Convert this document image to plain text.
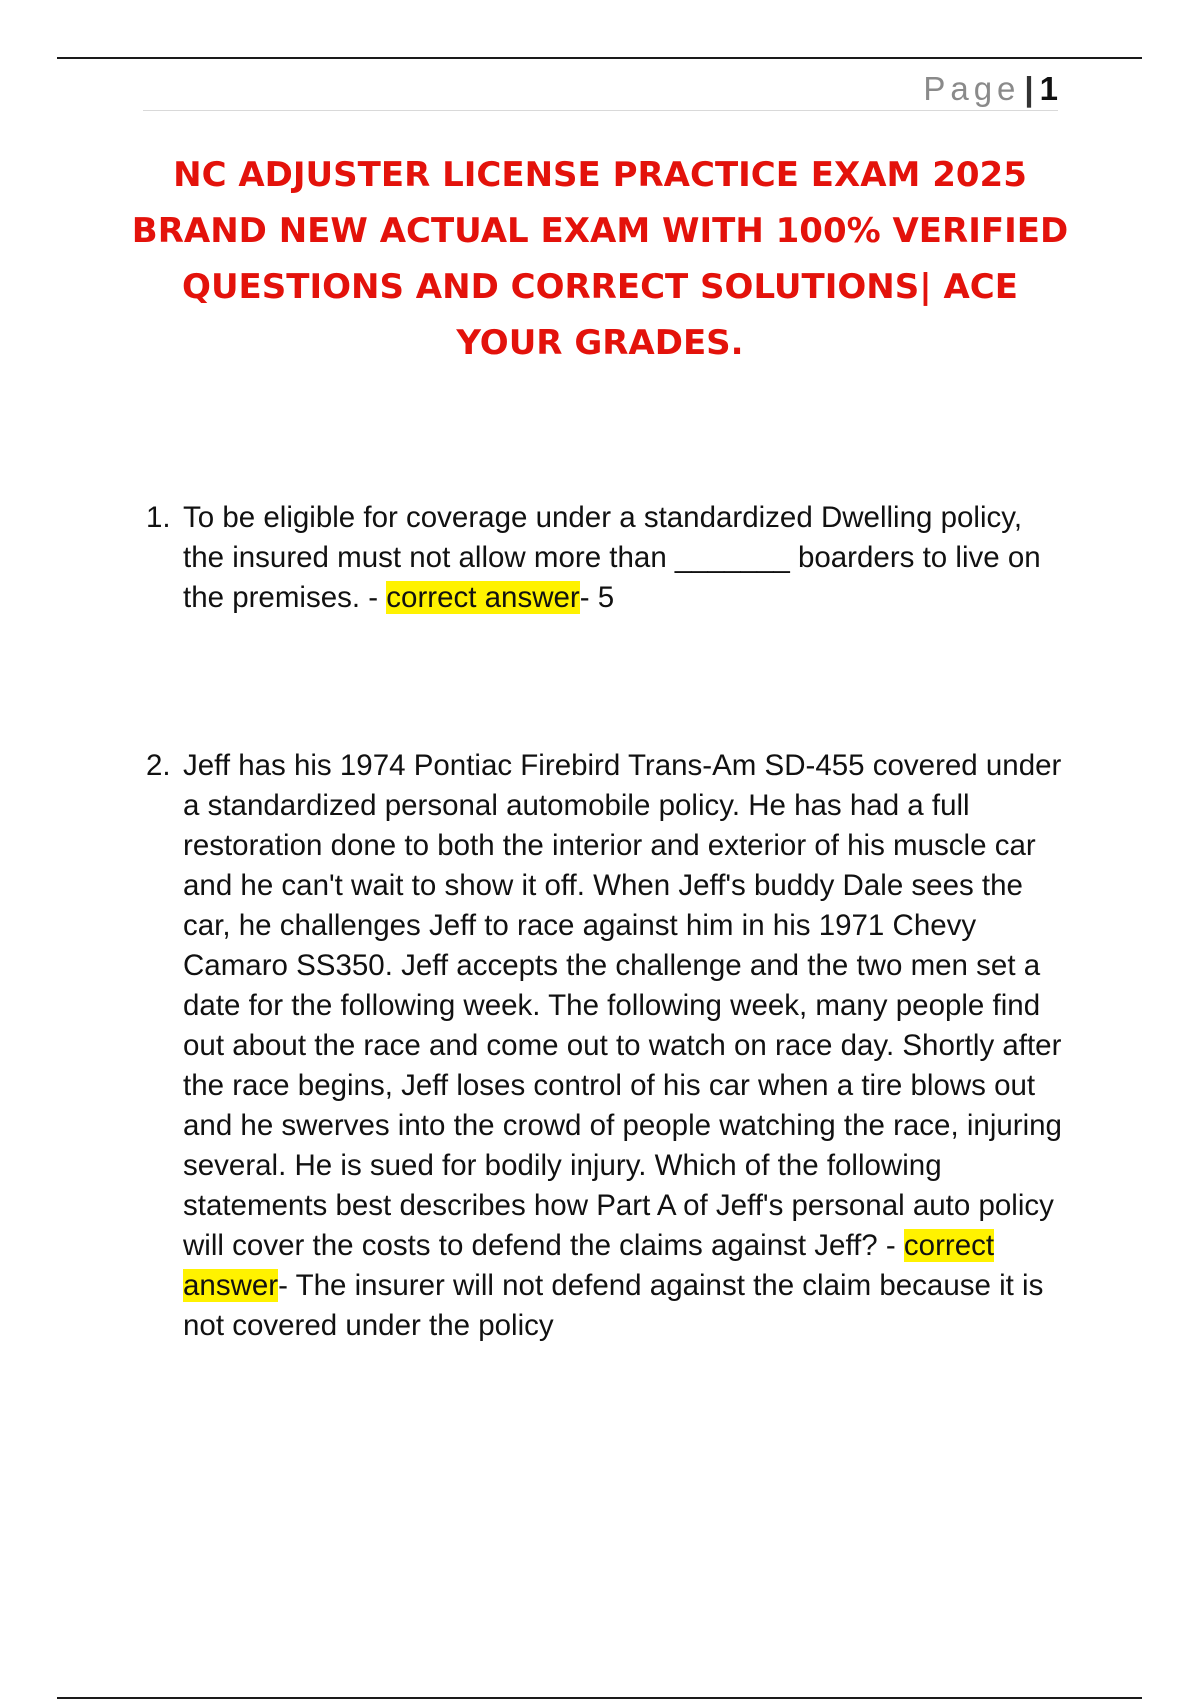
Page | 1
NC ADJUSTER LICENSE PRACTICE EXAM 2025 BRAND NEW ACTUAL EXAM WITH 100% VERIFIED QUESTIONS AND CORRECT SOLUTIONS| ACE YOUR GRADES.
1. To be eligible for coverage under a standardized Dwelling policy, the insured must not allow more than _______ boarders to live on the premises. - correct answer- 5
2. Jeff has his 1974 Pontiac Firebird Trans-Am SD-455 covered under a standardized personal automobile policy. He has had a full restoration done to both the interior and exterior of his muscle car and he can't wait to show it off. When Jeff's buddy Dale sees the car, he challenges Jeff to race against him in his 1971 Chevy Camaro SS350. Jeff accepts the challenge and the two men set a date for the following week. The following week, many people find out about the race and come out to watch on race day. Shortly after the race begins, Jeff loses control of his car when a tire blows out and he swerves into the crowd of people watching the race, injuring several. He is sued for bodily injury. Which of the following statements best describes how Part A of Jeff's personal auto policy will cover the costs to defend the claims against Jeff? - correct answer- The insurer will not defend against the claim because it is not covered under the policy
